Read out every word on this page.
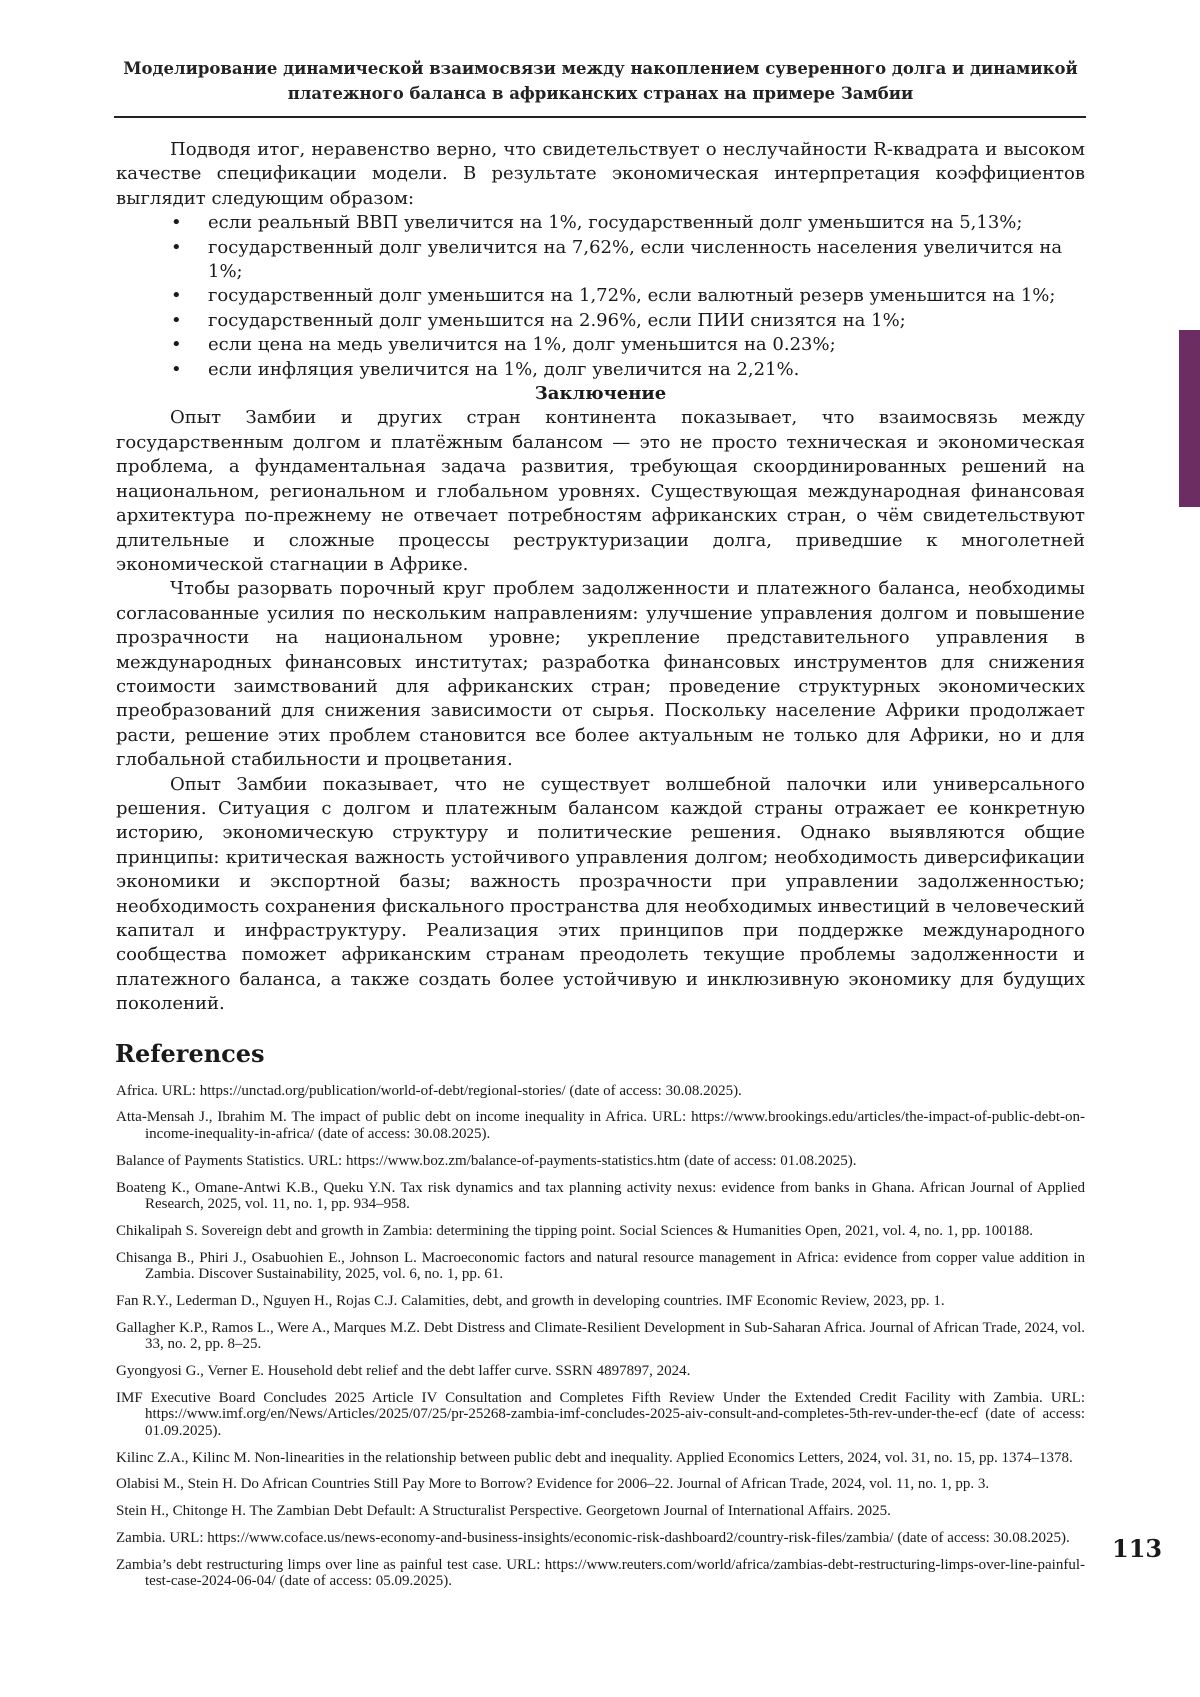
Моделирование динамической взаимосвязи между накоплением суверенного долга и динамикой
платежного баланса в африканских странах на примере Замбии

Подводя итог, неравенство верно, что свидетельствует о неслучайности R-квадрата и высоком качестве спецификации модели. В результате экономическая интерпретация коэффициентов выглядит следующим образом:

• если реальный ВВП увеличится на 1%, государственный долг уменьшится на 5,13%;
• государственный долг увеличится на 7,62%, если численность населения увеличится на 1%;
• государственный долг уменьшится на 1,72%, если валютный резерв уменьшится на 1%;
• государственный долг уменьшится на 2.96%, если ПИИ снизятся на 1%;
• если цена на медь увеличится на 1%, долг уменьшится на 0.23%;
• если инфляция увеличится на 1%, долг увеличится на 2,21%.
Заключение

Опыт Замбии и других стран континента показывает, что взаимосвязь между государственным долгом и платёжным балансом — это не просто техническая и экономическая проблема, а фундаментальная задача развития, требующая скоординированных решений на национальном, региональном и глобальном уровнях. Существующая международная финансовая архитектура по-прежнему не отвечает потребностям африканских стран, о чём свидетельствуют длительные и сложные процессы реструктуризации долга, приведшие к многолетней экономической стагнации в Африке.

Чтобы разорвать порочный круг проблем задолженности и платежного баланса, необходимы согласованные усилия по нескольким направлениям: улучшение управления долгом и повышение прозрачности на национальном уровне; укрепление представительного управления в международных финансовых институтах; разработка финансовых инструментов для снижения стоимости заимствований для африканских стран; проведение структурных экономических преобразований для снижения зависимости от сырья. Поскольку население Африки продолжает расти, решение этих проблем становится все более актуальным не только для Африки, но и для глобальной стабильности и процветания.

Опыт Замбии показывает, что не существует волшебной палочки или универсального решения. Ситуация с долгом и платежным балансом каждой страны отражает ее конкретную историю, экономическую структуру и политические решения. Однако выявляются общие принципы: критическая важность устойчивого управления долгом; необходимость диверсификации экономики и экспортной базы; важность прозрачности при управлении задолженностью; необходимость сохранения фискального пространства для необходимых инвестиций в человеческий капитал и инфраструктуру. Реализация этих принципов при поддержке международного сообщества поможет африканским странам преодолеть текущие проблемы задолженности и платежного баланса, а также создать более устойчивую и инклюзивную экономику для будущих поколений.

References
Africa. URL: https://unctad.org/publication/world-of-debt/regional-stories/ (date of access: 30.08.2025).
Atta-Mensah J., Ibrahim M. The impact of public debt on income inequality in Africa. URL: https://www.brookings.edu/articles/the-impact-of-public-debt-on-income-inequality-in-africa/ (date of access: 30.08.2025).
Balance of Payments Statistics. URL: https://www.boz.zm/balance-of-payments-statistics.htm (date of access: 01.08.2025).
Boateng K., Omane-Antwi K.B., Queku Y.N. Tax risk dynamics and tax planning activity nexus: evidence from banks in Ghana. African Journal of Applied Research, 2025, vol. 11, no. 1, pp. 934–958.
Chikalipah S. Sovereign debt and growth in Zambia: determining the tipping point. Social Sciences & Humanities Open, 2021, vol. 4, no. 1, pp. 100188.
Chisanga B., Phiri J., Osabuohien E., Johnson L. Macroeconomic factors and natural resource management in Africa: evidence from copper value addition in Zambia. Discover Sustainability, 2025, vol. 6, no. 1, pp. 61.
Fan R.Y., Lederman D., Nguyen H., Rojas C.J. Calamities, debt, and growth in developing countries. IMF Economic Review, 2023, pp. 1.
Gallagher K.P., Ramos L., Were A., Marques M.Z. Debt Distress and Climate-Resilient Development in Sub-Saharan Africa. Journal of African Trade, 2024, vol. 33, no. 2, pp. 8–25.
Gyongyosi G., Verner E. Household debt relief and the debt laffer curve. SSRN 4897897, 2024.
IMF Executive Board Concludes 2025 Article IV Consultation and Completes Fifth Review Under the Extended Credit Facility with Zambia. URL: https://www.imf.org/en/News/Articles/2025/07/25/pr-25268-zambia-imf-concludes-2025-aiv-consult-and-completes-5th-rev-under-the-ecf (date of access: 01.09.2025).
Kilinc Z.A., Kilinc M. Non-linearities in the relationship between public debt and inequality. Applied Economics Letters, 2024, vol. 31, no. 15, pp. 1374–1378.
Olabisi M., Stein H. Do African Countries Still Pay More to Borrow? Evidence for 2006–22. Journal of African Trade, 2024, vol. 11, no. 1, pp. 3.
Stein H., Chitonge H. The Zambian Debt Default: A Structuralist Perspective. Georgetown Journal of International Affairs. 2025.
Zambia. URL: https://www.coface.us/news-economy-and-business-insights/economic-risk-dashboard2/country-risk-files/zambia/ (date of access: 30.08.2025).
Zambia’s debt restructuring limps over line as painful test case. URL: https://www.reuters.com/world/africa/zambias-debt-restructuring-limps-over-line-painful-test-case-2024-06-04/ (date of access: 05.09.2025).
113
